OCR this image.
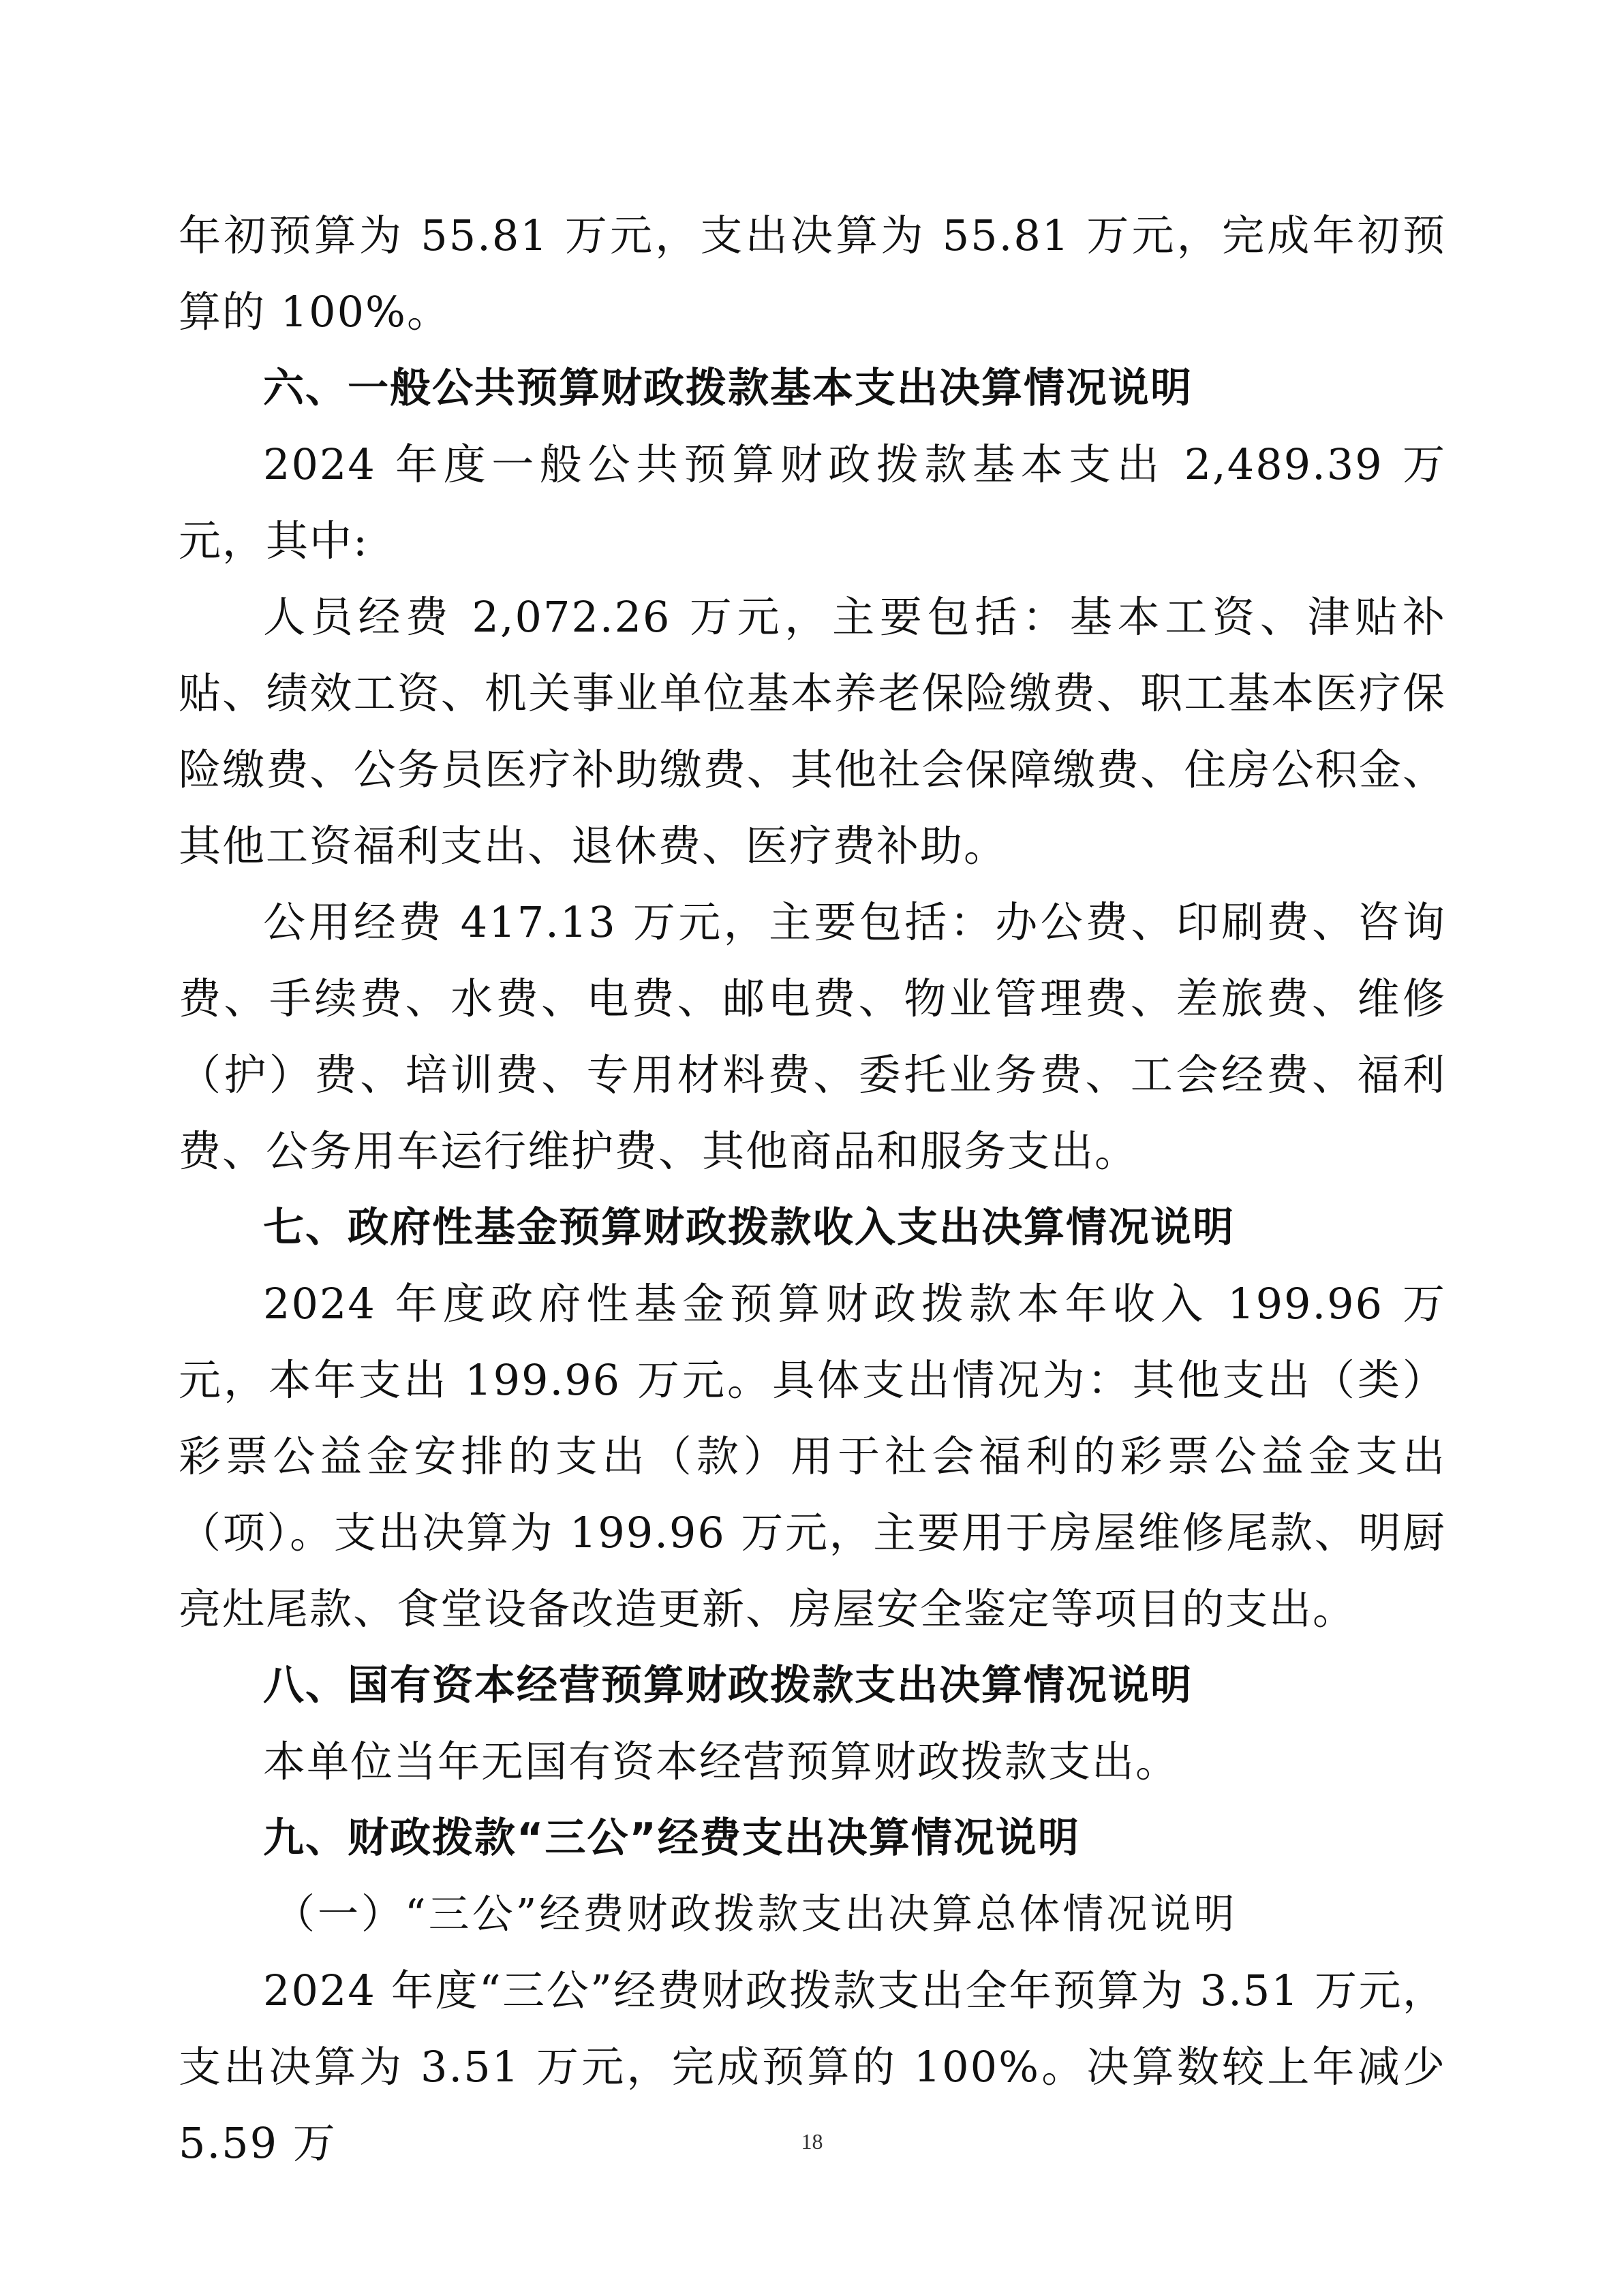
年初预算为 55.81 万元，支出决算为 55.81 万元，完成年初预算的 100%。

六、一般公共预算财政拨款基本支出决算情况说明

2024 年度一般公共预算财政拨款基本支出 2,489.39 万元，其中:

人员经费 2,072.26 万元，主要包括：基本工资、津贴补贴、绩效工资、机关事业单位基本养老保险缴费、职工基本医疗保险缴费、公务员医疗补助缴费、其他社会保障缴费、住房公积金、其他工资福利支出、退休费、医疗费补助。

公用经费 417.13 万元，主要包括：办公费、印刷费、咨询费、手续费、水费、电费、邮电费、物业管理费、差旅费、维修（护）费、培训费、专用材料费、委托业务费、工会经费、福利费、公务用车运行维护费、其他商品和服务支出。

七、政府性基金预算财政拨款收入支出决算情况说明

2024 年度政府性基金预算财政拨款本年收入 199.96 万元，本年支出 199.96 万元。具体支出情况为：其他支出（类）彩票公益金安排的支出（款）用于社会福利的彩票公益金支出（项）。支出决算为 199.96 万元，主要用于房屋维修尾款、明厨亮灶尾款、食堂设备改造更新、房屋安全鉴定等项目的支出。

八、国有资本经营预算财政拨款支出决算情况说明

本单位当年无国有资本经营预算财政拨款支出。

九、财政拨款“三公”经费支出决算情况说明

（一）“三公”经费财政拨款支出决算总体情况说明

2024 年度“三公”经费财政拨款支出全年预算为 3.51 万元，支出决算为 3.51 万元，完成预算的 100%。决算数较上年减少 5.59 万	18
